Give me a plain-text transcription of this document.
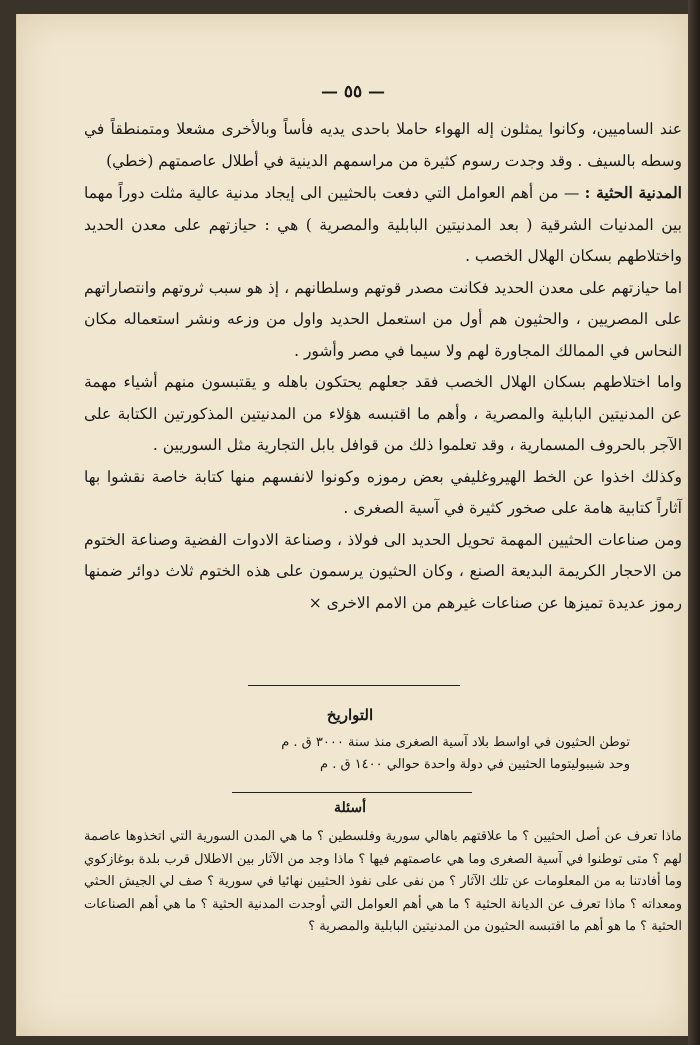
— ٥٥ —

عند الساميين، وكانوا يمثلون إله الهواء حاملا باحدى يديه فأساً وبالأخرى مشعلا ومتمنطقاً في وسطه بالسيف . وقد وجدت رسوم كثيرة من مراسمهم الدينية في أطلال عاصمتهم (خطي)

المدنية الحثية : — من أهم العوامل التي دفعت بالحثيين الى إيجاد مدنية عالية مثلت دوراً مهما بين المدنيات الشرقية ( بعد المدنيتين البابلية والمصرية ) هي : حيازتهم على معدن الحديد واختلاطهم بسكان الهلال الخصب .

اما حيازتهم على معدن الحديد فكانت مصدر قوتهم وسلطانهم ، إذ هو سبب ثروتهم وانتصاراتهم على المصريين ، والحثيون هم أول من استعمل الحديد واول من وزعه ونشر استعماله مكان النحاس في الممالك المجاورة لهم ولا سيما في مصر وأشور .

واما اختلاطهم بسكان الهلال الخصب فقد جعلهم يحتكون باهله و يقتبسون منهم أشياء مهمة عن المدنيتين البابلية والمصرية ، وأهم ما اقتبسه هؤلاء من المدنيتين المذكورتين الكتابة على الآجر بالحروف المسمارية ، وقد تعلموا ذلك من قوافل بابل التجارية مثل السوريين .

وكذلك اخذوا عن الخط الهيروغليفي بعض رموزه وكونوا لانفسهم منها كتابة خاصة نقشوا بها آثاراً كتابية هامة على صخور كثيرة في آسية الصغرى .

ومن صناعات الحثيين المهمة تحويل الحديد الى فولاذ ، وصناعة الادوات الفضية وصناعة الختوم من الاحجار الكريمة البديعة الصنع ، وكان الحثيون يرسمون على هذه الختوم ثلاث دوائر ضمنها رموز عديدة تميزها عن صناعات غيرهم من الامم الاخرى ×

التواريخ

توطن الحثيون في اواسط بلاد آسية الصغرى منذ سنة ٣٠٠٠ ق . م

وحد شيبوليتوما الحثيين في دولة واحدة حوالي ١٤٠٠ ق . م

أسئلة

ماذا تعرف عن أصل الحثيين ؟ ما علاقتهم باهالي سورية وفلسطين ؟ ما هي المدن السورية التي اتخذوها عاصمة لهم ؟ متى توطنوا في آسية الصغرى وما هي عاصمتهم فيها ؟ ماذا وجد من الآثار بين الاطلال قرب بلدة بوغازكوي وما أفادتنا به من المعلومات عن تلك الآثار ؟ من نفى على نفوذ الحثيين نهائيا في سورية ؟ صف لي الجيش الحثي ومعداته ؟ ماذا تعرف عن الديانة الحثية ؟ ما هي أهم العوامل التي أوجدت المدنية الحثية ؟ ما هي أهم الصناعات الحثية ؟ ما هو أهم ما اقتبسه الحثيون من المدنيتين البابلية والمصرية ؟
